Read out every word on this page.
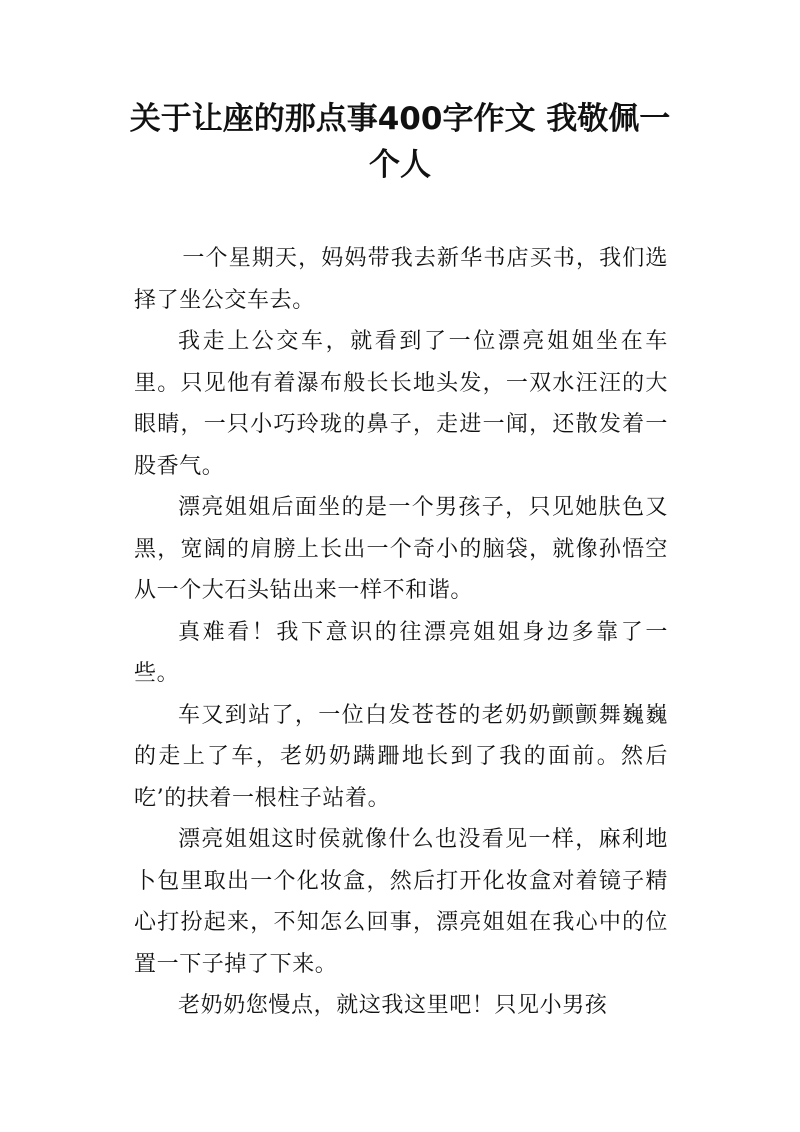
关于让座的那点事400字作文 我敬佩一个人

一个星期天，妈妈带我去新华书店买书，我们选择了坐公交车去。

我走上公交车，就看到了一位漂亮姐姐坐在车里。只见他有着瀑布般长长地头发，一双水汪汪的大眼睛，一只小巧玲珑的鼻子，走进一闻，还散发着一股香气。

漂亮姐姐后面坐的是一个男孩子，只见她肤色又黑，宽阔的肩膀上长出一个奇小的脑袋，就像孙悟空从一个大石头钻出来一样不和谐。

真难看！我下意识的往漂亮姐姐身边多靠了一些。

车又到站了，一位白发苍苍的老奶奶颤颤舞巍巍的走上了车，老奶奶蹒跚地长到了我的面前。然后吃’的扶着一根柱子站着。

漂亮姐姐这时侯就像什么也没看见一样，麻利地卜包里取出一个化妆盒，然后打开化妆盒对着镜子精心打扮起来，不知怎么回事，漂亮姐姐在我心中的位置一下子掉了下来。

老奶奶您慢点，就这我这里吧！只见小男孩
